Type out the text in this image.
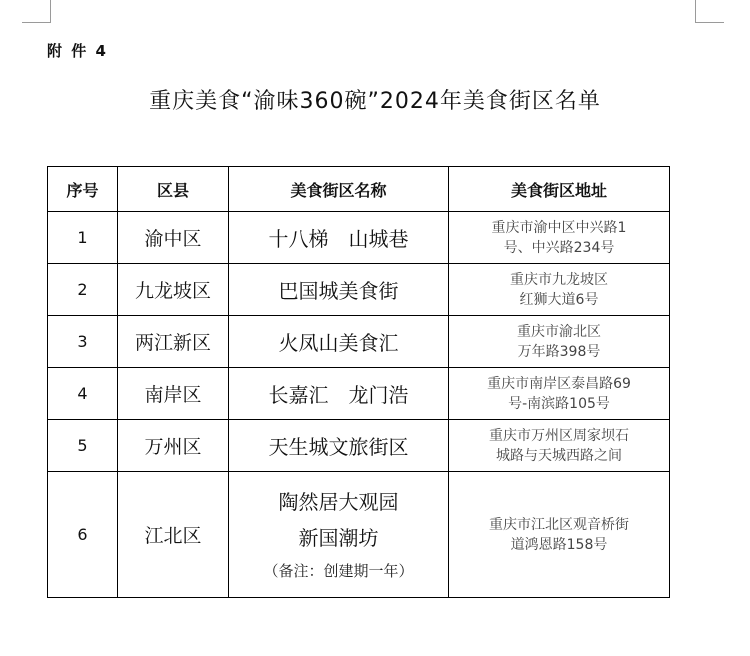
附 件 4
重庆美食“渝味360碗”2024年美食街区名单
序号	区县	美食街区名称	美食街区地址
1	渝中区	十八梯　山城巷	重庆市渝中区中兴路1
号、中兴路234号

2	九龙坡区	巴国城美食街	重庆市九龙坡区
红狮大道6号

3	两江新区	火凤山美食汇	重庆市渝北区
万年路398号

4	南岸区	长嘉汇　龙门浩	重庆市南岸区泰昌路69
号-南滨路105号

5	万州区	天生城文旅街区	重庆市万州区周家坝石
城路与天城西路之间

6	江北区	陶然居大观园
新国潮坊
（备注：创建期一年）	重庆市江北区观音桥街
道鸿恩路158号
